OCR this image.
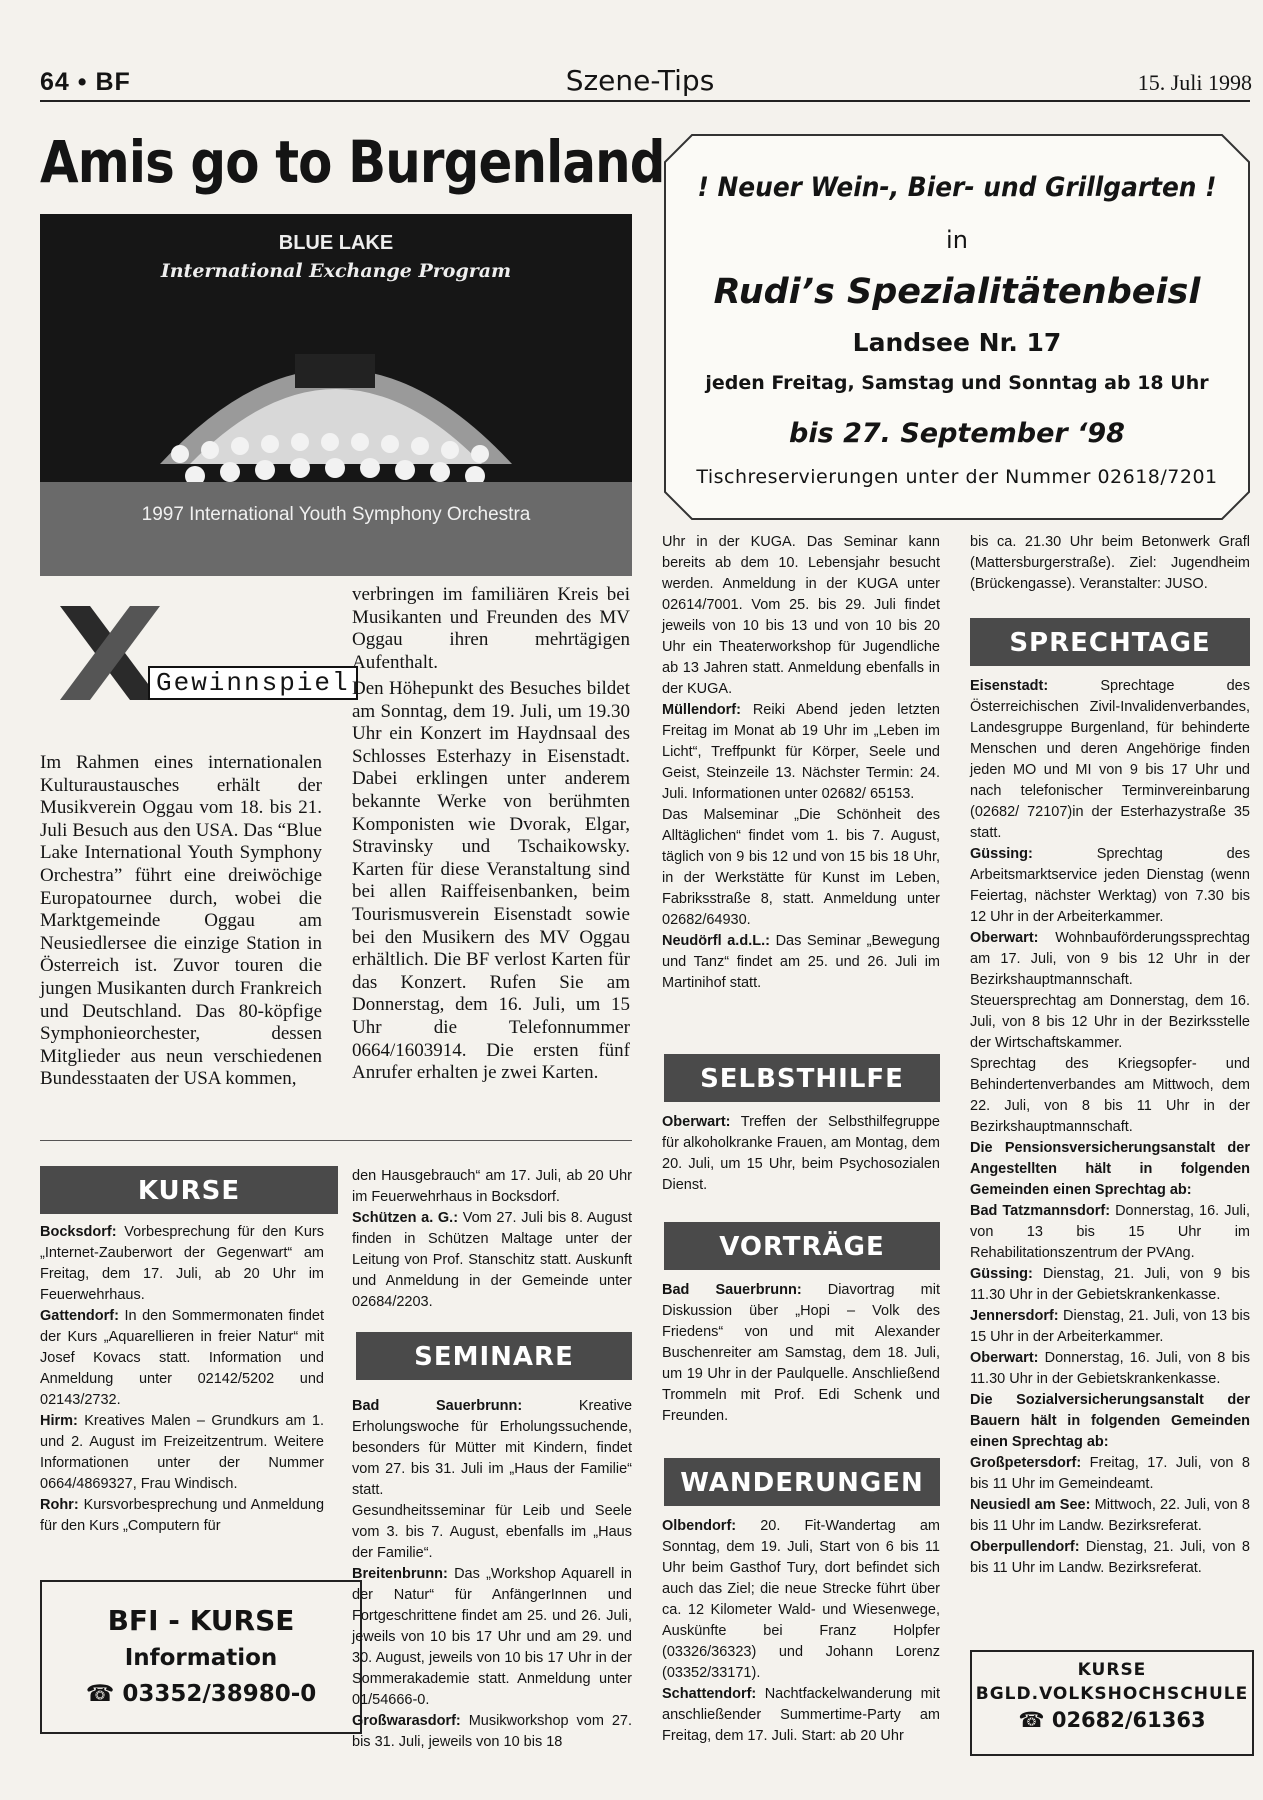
64 • BF	Szene-Tips	15. Juli 1998
Amis go to Burgenland
BLUE LAKE
International Exchange Program
1997 International Youth Symphony Orchestra
Gewinnspiel
Im Rahmen eines internationalen Kulturaustausches erhält der Musikverein Oggau vom 18. bis 21. Juli Besuch aus den USA. Das “Blue Lake International Youth Symphony Orchestra” führt eine dreiwöchige Europatournee durch, wobei die Marktgemeinde Oggau am Neusiedlersee die einzige Station in Österreich ist. Zuvor touren die jungen Musikanten durch Frankreich und Deutschland. Das 80-köpfige Symphonieorchester, dessen Mitglieder aus neun verschiedenen Bundesstaaten der USA kommen,
verbringen im familiären Kreis bei Musikanten und Freunden des MV Oggau ihren mehrtägigen Aufenthalt.
Den Höhepunkt des Besuches bildet am Sonntag, dem 19. Juli, um 19.30 Uhr ein Konzert im Haydnsaal des Schlosses Esterhazy in Eisenstadt. Dabei erklingen unter anderem bekannte Werke von berühmten Komponisten wie Dvorak, Elgar, Stravinsky und Tschaikowsky. Karten für diese Veranstaltung sind bei allen Raiffeisenbanken, beim Tourismusverein Eisenstadt sowie bei den Musikern des MV Oggau erhältlich. Die BF verlost Karten für das Konzert. Rufen Sie am Donnerstag, dem 16. Juli, um 15 Uhr die Telefonnummer 0664/1603914. Die ersten fünf Anrufer erhalten je zwei Karten.
KURSE

Bocksdorf: Vorbesprechung für den Kurs „Internet-Zauberwort der Gegenwart“ am Freitag, dem 17. Juli, ab 20 Uhr im Feuerwehrhaus.

Gattendorf: In den Sommermonaten findet der Kurs „Aquarellieren in freier Natur“ mit Josef Kovacs statt. Information und Anmeldung unter 02142/5202 und 02143/2732.

Hirm: Kreatives Malen – Grundkurs am 1. und 2. August im Freizeitzentrum. Weitere Informationen unter der Nummer 0664/4869327, Frau Windisch.

Rohr: Kursvorbesprechung und Anmeldung für den Kurs „Computern für

BFI - KURSE
Information
☎ 03352/38980-0

den Hausgebrauch“ am 17. Juli, ab 20 Uhr im Feuerwehrhaus in Bocksdorf.

Schützen a. G.: Vom 27. Juli bis 8. August finden in Schützen Maltage unter der Leitung von Prof. Stanschitz statt. Auskunft und Anmeldung in der Gemeinde unter 02684/2203.

SEMINARE

Bad Sauerbrunn:	Kreative Erholungswoche für Erholungssuchende, besonders für Mütter mit Kindern, findet vom 27. bis 31. Juli im „Haus der Familie“ statt.

Gesundheitsseminar für Leib und Seele vom 3. bis 7. August, ebenfalls im „Haus der Familie“.

Breitenbrunn: Das „Workshop Aquarell in der Natur“ für AnfängerInnen und Fortgeschrittene findet am 25. und 26. Juli, jeweils von 10 bis 17 Uhr und am 29. und 30. August, jeweils von 10 bis 17 Uhr in der Sommerakademie statt. Anmeldung unter 01/54666-0.

Großwarasdorf: Musikworkshop vom 27. bis 31. Juli, jeweils von 10 bis 18

! Neuer Wein-, Bier- und Grillgarten !
in
Rudi’s Spezialitätenbeisl
Landsee Nr. 17
jeden Freitag, Samstag und Sonntag ab 18 Uhr
bis 27. September ‘98
Tischreservierungen unter der Nummer 02618/7201

Uhr in der KUGA. Das Seminar kann bereits ab dem 10. Lebensjahr besucht werden. Anmeldung in der KUGA unter 02614/7001. Vom 25. bis 29. Juli findet jeweils von 10 bis 13 und von 10 bis 20 Uhr ein Theaterworkshop für Jugendliche ab 13 Jahren statt. Anmeldung ebenfalls in der KUGA.

Müllendorf: Reiki Abend jeden letzten Freitag im Monat ab 19 Uhr im „Leben im Licht“, Treffpunkt für Körper, Seele und Geist, Steinzeile 13. Nächster Termin: 24. Juli. Informationen unter 02682/ 65153.

Das Malseminar „Die Schönheit des Alltäglichen“ findet vom 1. bis 7. August, täglich von 9 bis 12 und von 15 bis 18 Uhr, in der Werkstätte für Kunst im Leben, Fabriksstraße 8, statt. Anmeldung unter 02682/64930.

Neudörfl a.d.L.: Das Seminar „Bewegung und Tanz“ findet am 25. und 26. Juli im Martinihof statt.

SELBSTHILFE

Oberwart: Treffen der Selbsthilfegruppe für alkoholkranke Frauen, am Montag, dem 20. Juli, um 15 Uhr, beim Psychosozialen Dienst.

VORTRÄGE

Bad Sauerbrunn: Diavortrag mit Diskussion über „Hopi – Volk des Friedens“ von und mit Alexander Buschenreiter am Samstag, dem 18. Juli, um 19 Uhr in der Paulquelle. Anschließend Trommeln mit Prof. Edi Schenk und Freunden.

WANDERUNGEN

Olbendorf: 20. Fit-Wandertag am Sonntag, dem 19. Juli, Start von 6 bis 11 Uhr beim Gasthof Tury, dort befindet sich auch das Ziel; die neue Strecke führt über ca. 12 Kilometer Wald- und Wiesenwege, Auskünfte bei Franz Holpfer (03326/36323) und Johann Lorenz (03352/33171).

Schattendorf: Nachtfackelwanderung mit anschließender Summertime-Party am Freitag, dem 17. Juli. Start: ab 20 Uhr

bis ca. 21.30 Uhr beim Betonwerk Grafl (Mattersburgerstraße). Ziel: Jugendheim (Brückengasse). Veranstalter: JUSO.

SPRECHTAGE

Eisenstadt:	Sprechtage des Österreichischen Zivil-Invalidenverbandes, Landesgruppe Burgenland, für behinderte Menschen und deren Angehörige finden jeden MO und MI von 9 bis 17 Uhr und nach telefonischer Terminvereinbarung (02682/ 72107)in der Esterhazystraße 35 statt.

Güssing:	Sprechtag des Arbeitsmarktservice jeden Dienstag (wenn Feiertag, nächster Werktag) von 7.30 bis 12 Uhr in der Arbeiterkammer.

Oberwart: Wohnbauförderungssprechtag am 17. Juli, von 9 bis 12 Uhr in der Bezirkshauptmannschaft.

Steuersprechtag am Donnerstag, dem 16. Juli, von 8 bis 12 Uhr in der Bezirksstelle der Wirtschaftskammer.

Sprechtag des Kriegsopfer- und Behindertenverbandes am Mittwoch, dem 22. Juli, von 8 bis 11 Uhr in der Bezirkshauptmannschaft.

Die Pensionsversicherungsanstalt der Angestellten hält in folgenden Gemeinden einen Sprechtag ab:

Bad Tatzmannsdorf: Donnerstag, 16. Juli, von 13 bis 15 Uhr im Rehabilitationszentrum der PVAng.

Güssing: Dienstag, 21. Juli, von 9 bis 11.30 Uhr in der Gebietskrankenkasse.

Jennersdorf: Dienstag, 21. Juli, von 13 bis 15 Uhr in der Arbeiterkammer.

Oberwart: Donnerstag, 16. Juli, von 8 bis 11.30 Uhr in der Gebietskrankenkasse.

Die Sozialversicherungsanstalt der Bauern hält in folgenden Gemeinden einen Sprechtag ab:

Großpetersdorf: Freitag, 17. Juli, von 8 bis 11 Uhr im Gemeindeamt.

Neusiedl am See: Mittwoch, 22. Juli, von 8 bis 11 Uhr im Landw. Bezirksreferat.

Oberpullendorf: Dienstag, 21. Juli, von 8 bis 11 Uhr im Landw. Bezirksreferat.

KURSE
BGLD.VOLKSHOCHSCHULE
☎ 02682/61363
